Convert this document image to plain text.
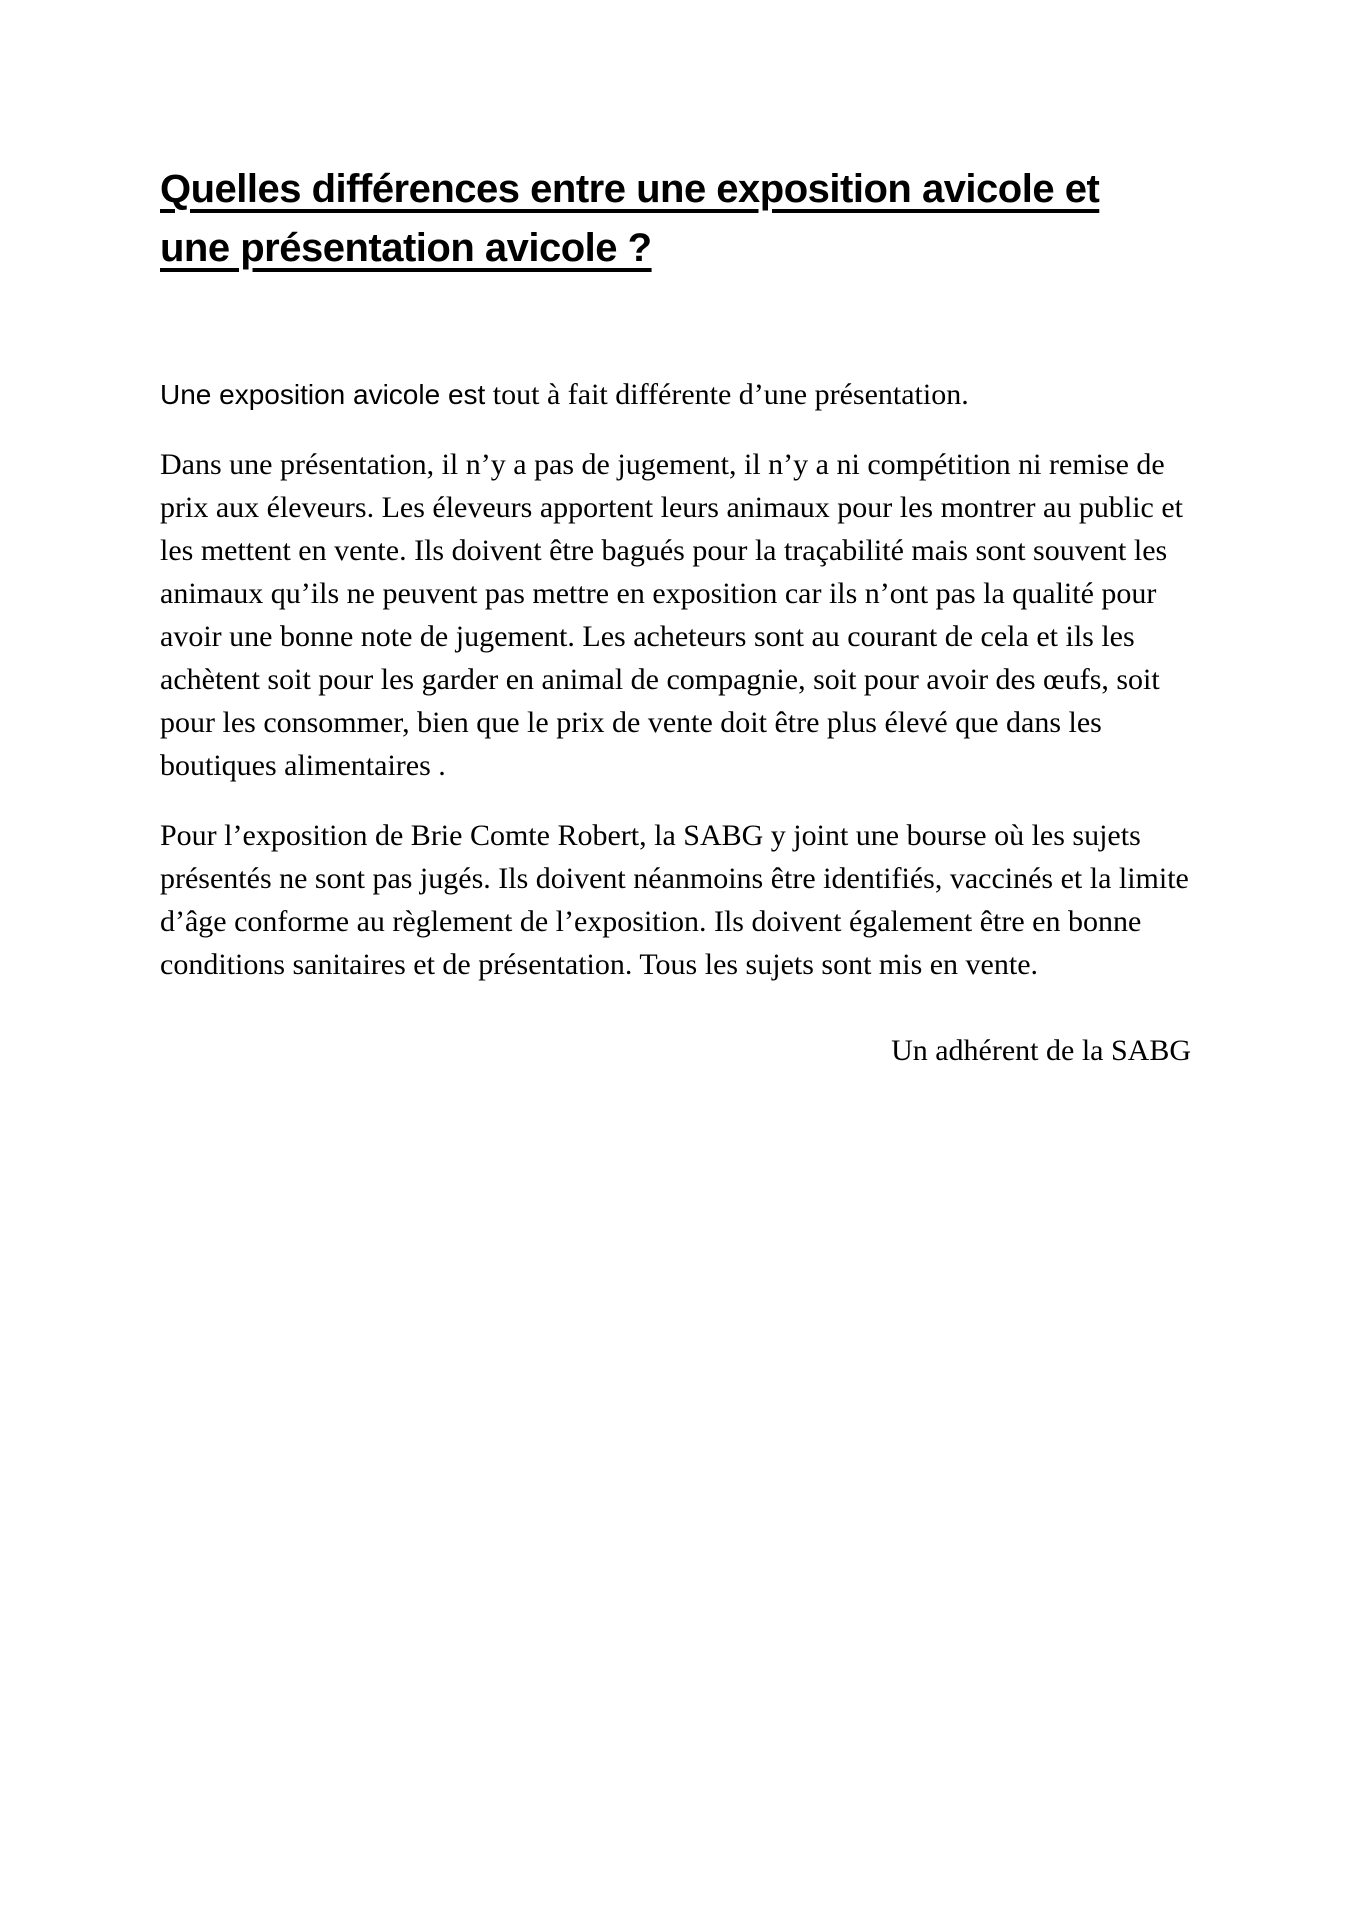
Quelles différences entre une exposition avicole et
une présentation avicole ?

Une exposition avicole est tout à fait différente d’une présentation.

Dans une présentation, il n’y a pas de jugement, il n’y a ni compétition ni remise de prix aux éleveurs. Les éleveurs apportent leurs animaux pour les montrer au public et les mettent en vente. Ils doivent être bagués pour la traçabilité mais sont souvent les animaux qu’ils ne peuvent pas mettre en exposition car ils n’ont pas la qualité pour avoir une bonne note de jugement. Les acheteurs sont au courant de cela et ils les achètent soit pour les garder en animal de compagnie, soit pour avoir des œufs, soit pour les consommer, bien que le prix de vente doit être plus élevé que dans les boutiques alimentaires .

Pour l’exposition de Brie Comte Robert, la SABG y joint une bourse où les sujets présentés ne sont pas jugés. Ils doivent néanmoins être identifiés, vaccinés et la limite d’âge conforme au règlement de l’exposition. Ils doivent également être en bonne conditions sanitaires et de présentation. Tous les sujets sont mis en vente.

Un adhérent de la SABG
